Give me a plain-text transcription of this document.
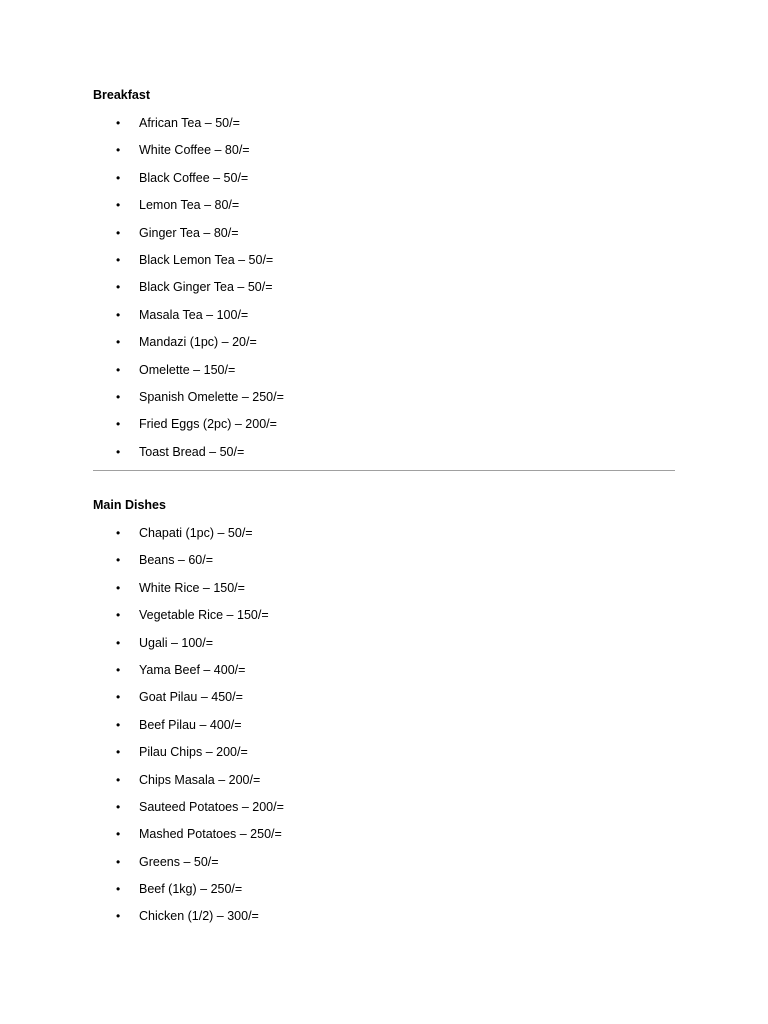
Breakfast
• African Tea – 50/=
• White Coffee – 80/=
• Black Coffee – 50/=
• Lemon Tea – 80/=
• Ginger Tea – 80/=
• Black Lemon Tea – 50/=
• Black Ginger Tea – 50/=
• Masala Tea – 100/=
• Mandazi (1pc) – 20/=
• Omelette – 150/=
• Spanish Omelette – 250/=
• Fried Eggs (2pc) – 200/=
• Toast Bread – 50/=
Main Dishes
• Chapati (1pc) – 50/=
• Beans – 60/=
• White Rice – 150/=
• Vegetable Rice – 150/=
• Ugali – 100/=
• Yama Beef – 400/=
• Goat Pilau – 450/=
• Beef Pilau – 400/=
• Pilau Chips – 200/=
• Chips Masala – 200/=
• Sauteed Potatoes – 200/=
• Mashed Potatoes – 250/=
• Greens – 50/=
• Beef (1kg) – 250/=
• Chicken (1/2) – 300/=
